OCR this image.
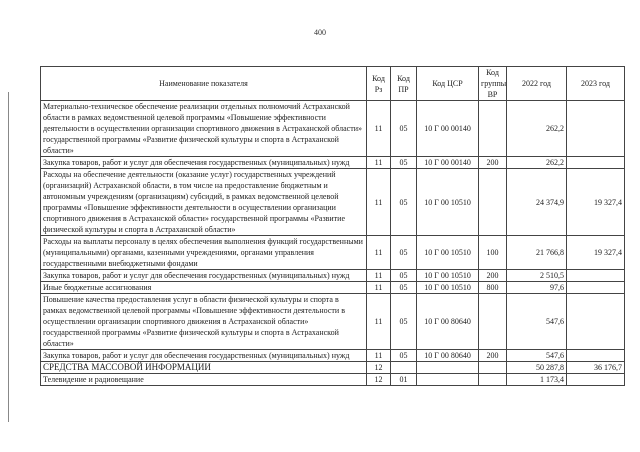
400
Наименование показателя	Код Рз	Код ПР	Код ЦСР	Код группы ВР	2022 год	2023 год
Материально-техническое обеспечение реализации отдельных полномочий Астраханской области в рамках ведомственной целевой программы «Повышение эффективности деятельности в осуществлении организации спортивного движения в Астраханской области» государственной программы «Развитие физической культуры и спорта в Астраханской области»	11	05	10 Г 00 00140		262,2	
Закупка товаров, работ и услуг для обеспечения государственных (муниципальных) нужд	11	05	10 Г 00 00140	200	262,2	
Расходы на обеспечение деятельности (оказание услуг) государственных учреждений (организаций) Астраханской области, в том числе на предоставление бюджетным и автономным учреждениям (организациям) субсидий, в рамках ведомственной целевой программы «Повышение эффективности деятельности в осуществлении организации спортивного движения в Астраханской области» государственной программы «Развитие физической культуры и спорта в Астраханской области»	11	05	10 Г 00 10510		24 374,9	19 327,4
Расходы на выплаты персоналу в целях обеспечения выполнения функций государственными (муниципальными) органами, казенными учреждениями, органами управления государственными внебюджетными фондами	11	05	10 Г 00 10510	100	21 766,8	19 327,4
Закупка товаров, работ и услуг для обеспечения государственных (муниципальных) нужд	11	05	10 Г 00 10510	200	2 510,5	
Иные бюджетные ассигнования	11	05	10 Г 00 10510	800	97,6	
Повышение качества предоставления услуг в области физической культуры и спорта в рамках ведомственной целевой программы «Повышение эффективности деятельности в осуществлении организации спортивного движения в Астраханской области» государственной программы «Развитие физической культуры и спорта в Астраханской области»	11	05	10 Г 00 80640		547,6	
Закупка товаров, работ и услуг для обеспечения государственных (муниципальных) нужд	11	05	10 Г 00 80640	200	547,6	
СРЕДСТВА МАССОВОЙ ИНФОРМАЦИИ	12				50 287,8	36 176,7
Телевидение и радиовещание	12	01			1 173,4	
